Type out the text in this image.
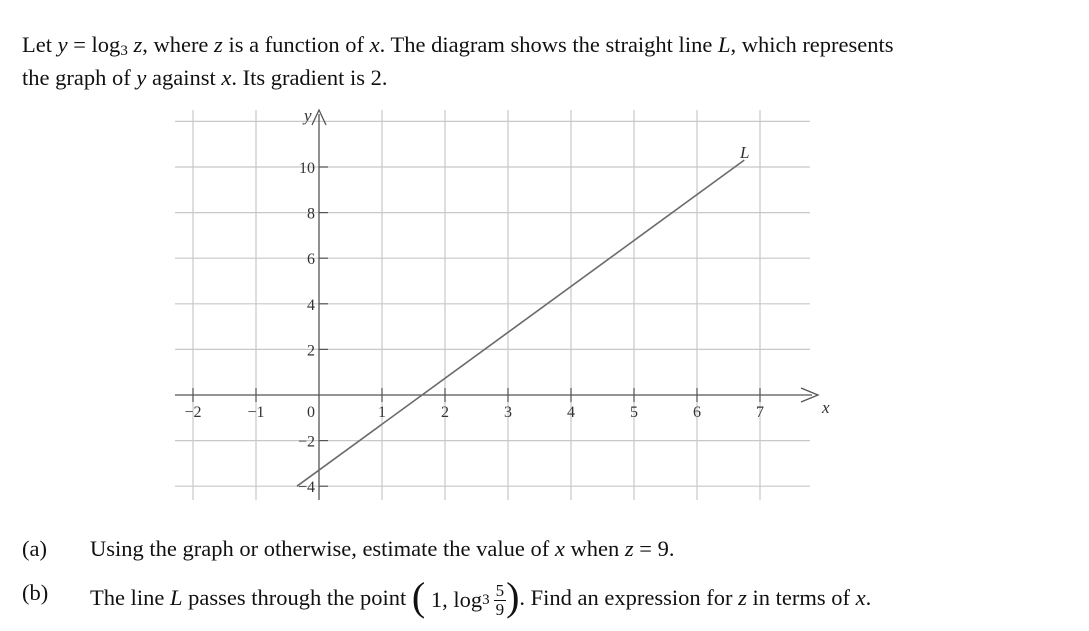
Let $y = \log_3 z$, where z is a function of x. The diagram shows the straight line L, which represents

the graph of y against x. Its gradient is 2.

−2	−1	0	1	2	3	4	5	6	7
−4
−2
2
4
6
8
10
x
y
L
(a) Using the graph or otherwise, estimate the value of x when z = 9.
(b) The line L passes through the point (
1,
$\log 3 \frac{5}{9}$ ) . Find an expression for z in terms of x.
